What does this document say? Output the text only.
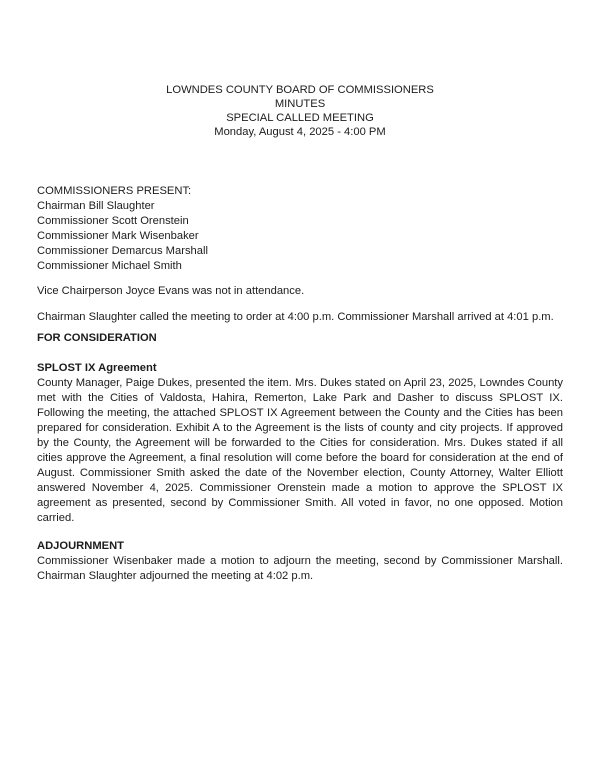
LOWNDES COUNTY BOARD OF COMMISSIONERS
MINUTES
SPECIAL CALLED MEETING
Monday, August 4, 2025 - 4:00 PM
COMMISSIONERS PRESENT:
Chairman Bill Slaughter
Commissioner Scott Orenstein
Commissioner Mark Wisenbaker
Commissioner Demarcus Marshall
Commissioner Michael Smith
Vice Chairperson Joyce Evans was not in attendance.
Chairman Slaughter called the meeting to order at 4:00 p.m. Commissioner Marshall arrived at 4:01 p.m.
FOR CONSIDERATION
SPLOST IX Agreement
County Manager, Paige Dukes, presented the item. Mrs. Dukes stated on April 23, 2025, Lowndes County met with the Cities of Valdosta, Hahira, Remerton, Lake Park and Dasher to discuss SPLOST IX. Following the meeting, the attached SPLOST IX Agreement between the County and the Cities has been prepared for consideration. Exhibit A to the Agreement is the lists of county and city projects. If approved by the County, the Agreement will be forwarded to the Cities for consideration. Mrs. Dukes stated if all cities approve the Agreement, a final resolution will come before the board for consideration at the end of August. Commissioner Smith asked the date of the November election, County Attorney, Walter Elliott answered November 4, 2025. Commissioner Orenstein made a motion to approve the SPLOST IX agreement as presented, second by Commissioner Smith. All voted in favor, no one opposed. Motion carried.
ADJOURNMENT
Commissioner Wisenbaker made a motion to adjourn the meeting, second by Commissioner Marshall. Chairman Slaughter adjourned the meeting at 4:02 p.m.
